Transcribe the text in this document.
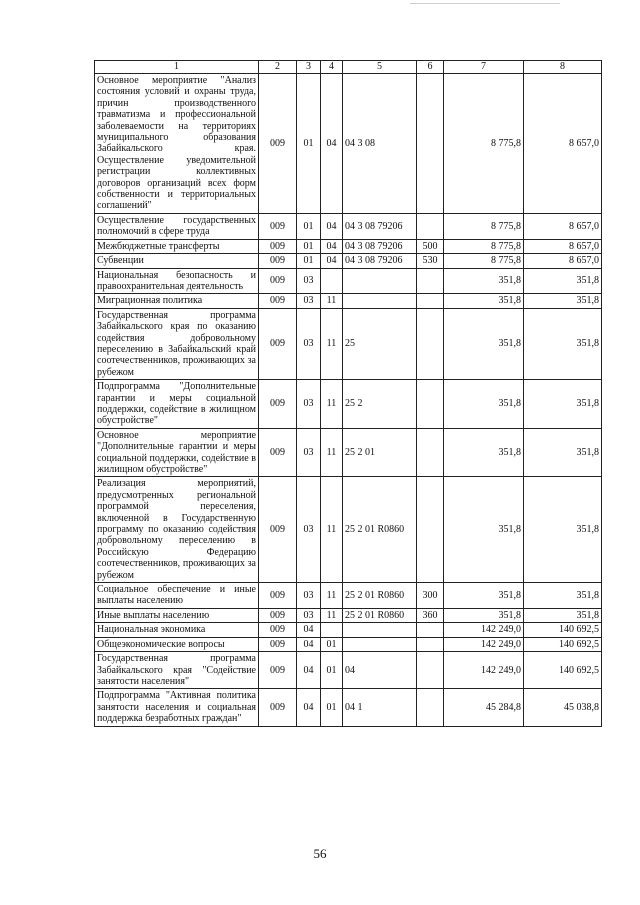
1	2	3	4	5	6	7	8
Основное мероприятие "Анализ состояния условий и охраны труда, причин производственного травматизма и профессиональной заболеваемости на территориях муниципального образования Забайкальского края. Осуществление уведомительной регистрации коллективных договоров организаций всех форм собственности и территориальных соглашений"	009	01	04	04 3 08		8 775,8	8 657,0
Осуществление государственных полномочий в сфере труда	009	01	04	04 3 08 79206		8 775,8	8 657,0
Межбюджетные трансферты	009	01	04	04 3 08 79206	500	8 775,8	8 657,0
Субвенции	009	01	04	04 3 08 79206	530	8 775,8	8 657,0
Национальная безопасность и правоохранительная деятельность	009	03				351,8	351,8
Миграционная политика	009	03	11			351,8	351,8
Государственная программа Забайкальского края по оказанию содействия добровольному переселению в Забайкальский край соотечественников, проживающих за рубежом	009	03	11	25		351,8	351,8
Подпрограмма "Дополнительные гарантии и меры социальной поддержки, содействие в жилищном обустройстве"	009	03	11	25 2		351,8	351,8
Основное мероприятие "Дополнительные гарантии и меры социальной поддержки, содействие в жилищном обустройстве"	009	03	11	25 2 01		351,8	351,8
Реализация мероприятий, предусмотренных региональной программой переселения, включенной в Государственную программу по оказанию содействия добровольному переселению в Российскую Федерацию соотечественников, проживающих за рубежом	009	03	11	25 2 01 R0860		351,8	351,8
Социальное обеспечение и иные выплаты населению	009	03	11	25 2 01 R0860	300	351,8	351,8
Иные выплаты населению	009	03	11	25 2 01 R0860	360	351,8	351,8
Национальная экономика	009	04				142 249,0	140 692,5
Общеэкономические вопросы	009	04	01			142 249,0	140 692,5
Государственная программа Забайкальского края "Содействие занятости населения"	009	04	01	04		142 249,0	140 692,5
Подпрограмма "Активная политика занятости населения и социальная поддержка безработных граждан"	009	04	01	04 1		45 284,8	45 038,8
56
